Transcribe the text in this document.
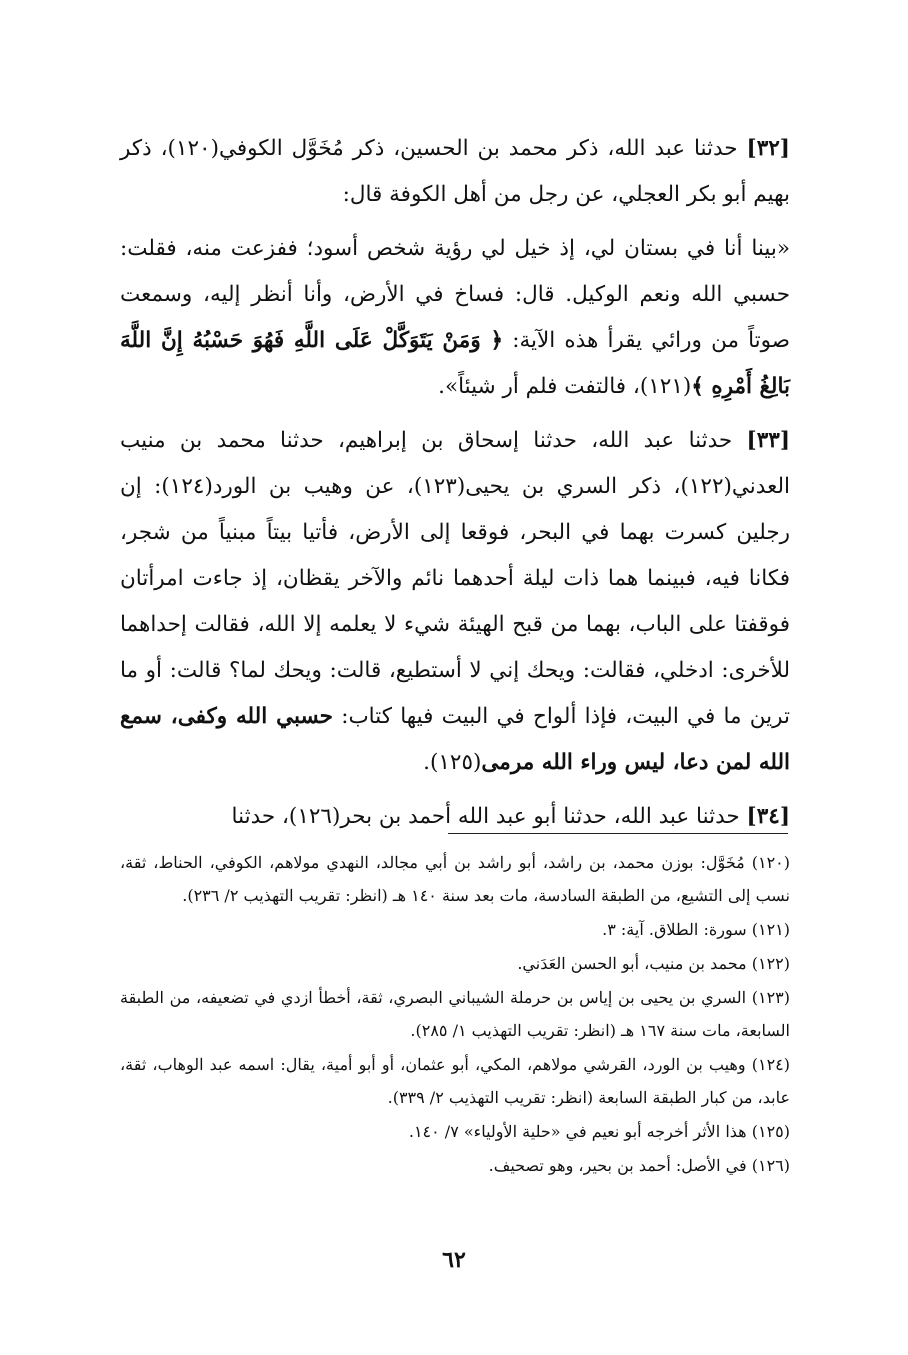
[٣٢] حدثنا عبد الله، ذكر محمد بن الحسين، ذكر مُخَوَّل الكوفي(١٢٠)، ذكر بهيم أبو بكر العجلي، عن رجل من أهل الكوفة قال:

«بينا أنا في بستان لي، إذ خيل لي رؤية شخص أسود؛ ففزعت منه، فقلت: حسبي الله ونعم الوكيل. قال: فساخ في الأرض، وأنا أنظر إليه، وسمعت صوتاً من ورائي يقرأ هذه الآية: ﴿ وَمَنْ يَتَوَكَّلْ عَلَى اللَّهِ فَهُوَ حَسْبُهُ إِنَّ اللَّهَ بَالِغُ أَمْرِهِ ﴾(١٢١)، فالتفت فلم أر شيئاً».

[٣٣] حدثنا عبد الله، حدثنا إسحاق بن إبراهيم، حدثنا محمد بن منيب العدني(١٢٢)، ذكر السري بن يحيى(١٢٣)، عن وهيب بن الورد(١٢٤): إن رجلين كسرت بهما في البحر، فوقعا إلى الأرض، فأتيا بيتاً مبنياً من شجر، فكانا فيه، فبينما هما ذات ليلة أحدهما نائم والآخر يقظان، إذ جاءت امرأتان فوقفتا على الباب، بهما من قبح الهيئة شيء لا يعلمه إلا الله، فقالت إحداهما للأخرى: ادخلي، فقالت: ويحك إني لا أستطيع، قالت: ويحك لما؟ قالت: أو ما ترين ما في البيت، فإذا ألواح في البيت فيها كتاب: حسبي الله وكفى، سمع الله لمن دعا، ليس وراء الله مرمى(١٢٥).

[٣٤] حدثنا عبد الله، حدثنا أبو عبد الله أحمد بن بحر(١٢٦)، حدثنا

(١٢٠) مُخَوَّل: بوزن محمد، بن راشد، أبو راشد بن أبي مجالد، النهدي مولاهم، الكوفي، الحناط، ثقة، نسب إلى التشيع، من الطبقة السادسة، مات بعد سنة ١٤٠ هـ (انظر: تقريب التهذيب ٢/ ٢٣٦).
(١٢١) سورة: الطلاق. آية: ٣.
(١٢٢) محمد بن منيب، أبو الحسن العَدَني.
(١٢٣) السري بن يحيى بن إياس بن حرملة الشيباني البصري، ثقة، أخطأ ازدي في تضعيفه، من الطبقة السابعة، مات سنة ١٦٧ هـ (انظر: تقريب التهذيب ١/ ٢٨٥).
(١٢٤) وهيب بن الورد، القرشي مولاهم، المكي، أبو عثمان، أو أبو أمية، يقال: اسمه عبد الوهاب، ثقة، عابد، من كبار الطبقة السابعة (انظر: تقريب التهذيب ٢/ ٣٣٩).
(١٢٥) هذا الأثر أخرجه أبو نعيم في «حلية الأولياء» ٧/ ١٤٠.
(١٢٦) في الأصل: أحمد بن بحير، وهو تصحيف.
٦٢
